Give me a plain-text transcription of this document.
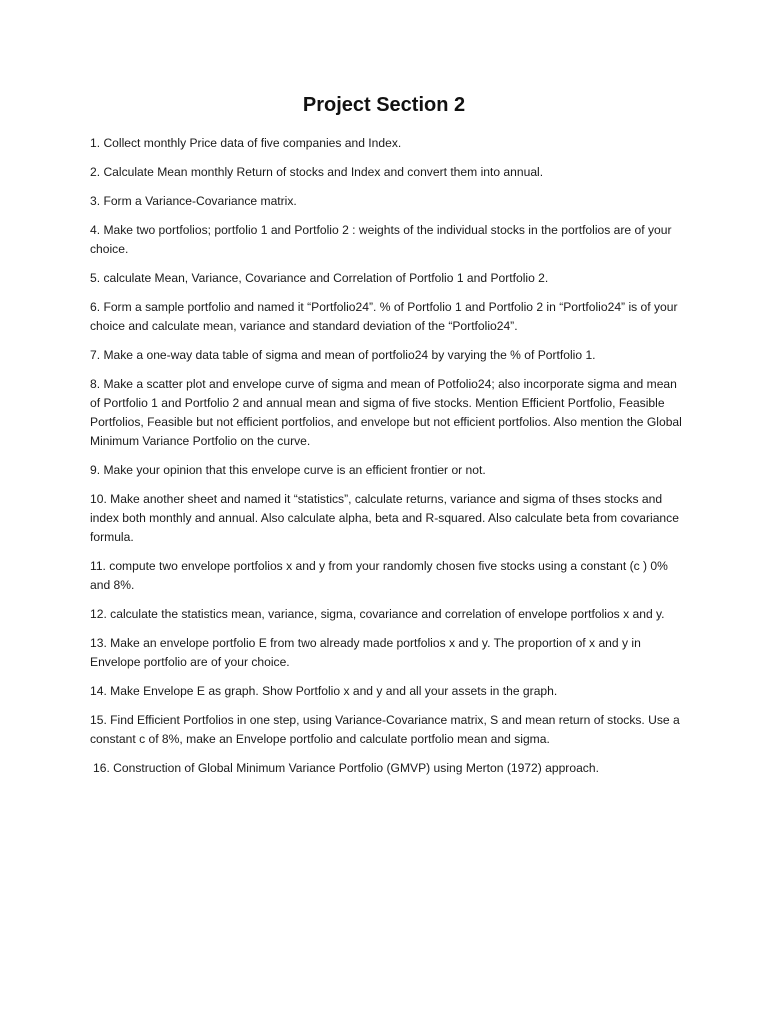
Project Section 2
1. Collect monthly Price data of five companies and Index.
2. Calculate Mean monthly Return of stocks and Index and convert them into annual.
3. Form a Variance-Covariance matrix.
4. Make two portfolios; portfolio 1 and Portfolio 2 : weights of the individual stocks in the portfolios are of your choice.
5. calculate Mean, Variance, Covariance and Correlation of Portfolio 1 and Portfolio 2.
6. Form a sample portfolio and named it “Portfolio24”. % of Portfolio 1 and Portfolio 2 in “Portfolio24” is of your choice and calculate mean, variance and standard deviation of the “Portfolio24”.
7. Make a one-way data table of sigma and mean of portfolio24 by varying the % of Portfolio 1.
8. Make a scatter plot and envelope curve of sigma and mean of Potfolio24; also incorporate sigma and mean of Portfolio 1 and Portfolio 2 and annual mean and sigma of five stocks. Mention Efficient Portfolio, Feasible Portfolios, Feasible but not efficient portfolios, and envelope but not efficient portfolios. Also mention the Global Minimum Variance Portfolio on the curve.
9. Make your opinion that this envelope curve is an efficient frontier or not.
10. Make another sheet and named it “statistics”, calculate returns, variance and sigma of thses stocks and index both monthly and annual. Also calculate alpha, beta and R-squared. Also calculate beta from covariance formula.
11. compute two envelope portfolios x and y from your randomly chosen five stocks using a constant (c ) 0% and 8%.
12. calculate the statistics mean, variance, sigma, covariance and correlation of envelope portfolios x and y.
13. Make an envelope portfolio E from two already made portfolios x and y. The proportion of x and y in Envelope portfolio are of your choice.
14. Make Envelope E as graph. Show Portfolio x and y and all your assets in the graph.
15. Find Efficient Portfolios in one step, using Variance-Covariance matrix, S and mean return of stocks. Use a constant c of 8%, make an Envelope portfolio and calculate portfolio mean and sigma.
16. Construction of Global Minimum Variance Portfolio (GMVP) using Merton (1972) approach.
